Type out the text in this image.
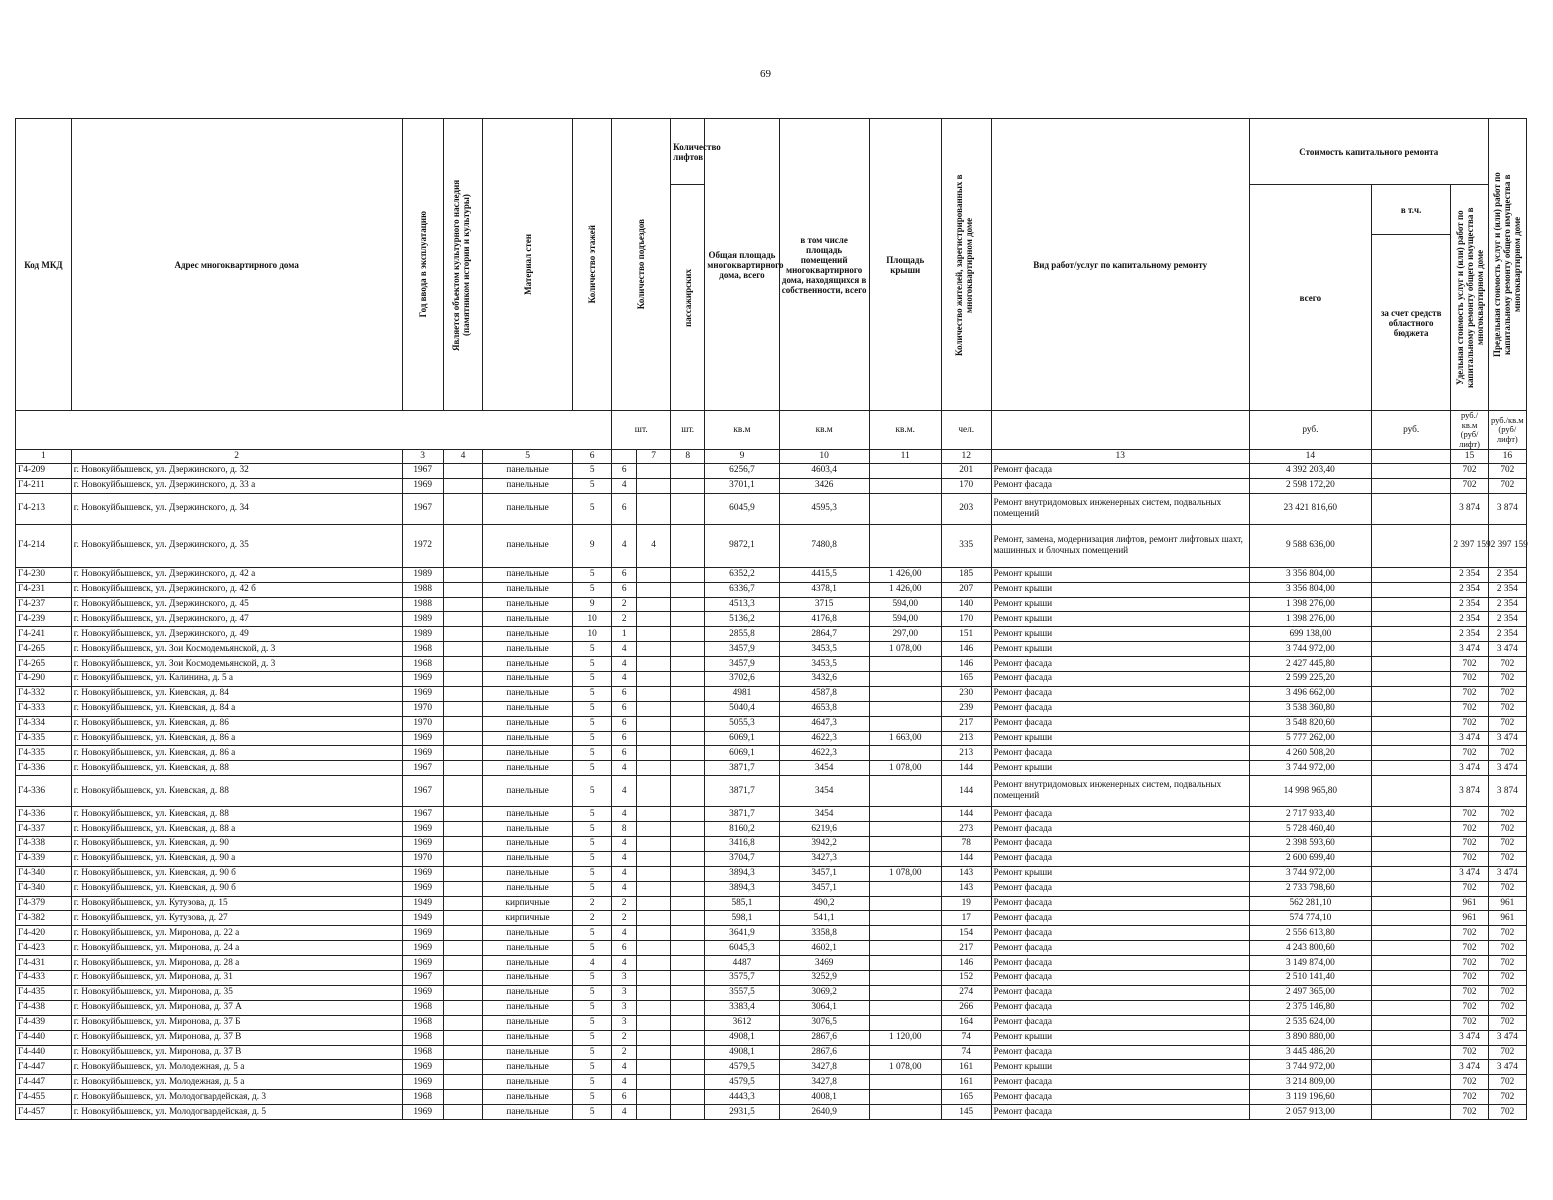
69
Код МКД	Адрес многоквартирного дома	Год ввода в эксплуатацию	Является объектом культурного наследия (памятником истории и культуры)	Материал стен	Количество этажей	Количество подъездов		Количество лифтов	Общая площадь многоквартирного дома, всего	в том числе площадь помещений многоквартирного дома, находящихся в собственности, всего	Площадь крыши	Количество жителей, зарегистрированных в многоквартирном доме	Вид работ/услуг по капитальному ремонту	Стоимость капитального ремонта			Предельная стоимость услуг и (или) работ по капитальному ремонту общего имущества в многоквартирном доме

								пассажирских						всего	в т.ч.	Удельная стоимость услуг и (или) работ по капитальному ремонту общего имущества в многоквартирном доме	

															за счет средств областного бюджета		
						шт.		шт.	кв.м	кв.м	кв.м.	чел.		руб.	руб.	руб./кв.м (руб/лифт)	руб./кв.м (руб/лифт)
1	2	3	4	5	6		7	8	9	10	11	12	13	14		15	16
Г4-209	г. Новокуйбышевск, ул. Дзержинского, д. 32	1967		панельные	5	6			6256,7	4603,4		201	Ремонт фасада	4 392 203,40		702	702
Г4-211	г. Новокуйбышевск, ул. Дзержинского, д. 33 а	1969		панельные	5	4			3701,1	3426		170	Ремонт фасада	2 598 172,20		702	702
Г4-213	г. Новокуйбышевск, ул. Дзержинского, д. 34	1967		панельные	5	6			6045,9	4595,3		203	Ремонт внутридомовых инженерных систем, подвальных помещений	23 421 816,60		3 874	3 874
Г4-214	г. Новокуйбышевск, ул. Дзержинского, д. 35	1972		панельные	9	4	4		9872,1	7480,8		335	Ремонт, замена, модернизация лифтов, ремонт лифтовых шахт, машинных и блочных помещений	9 588 636,00		2 397 159	2 397 159
Г4-230	г. Новокуйбышевск, ул. Дзержинского, д. 42 а	1989		панельные	5	6			6352,2	4415,5	1 426,00	185	Ремонт крыши	3 356 804,00		2 354	2 354
Г4-231	г. Новокуйбышевск, ул. Дзержинского, д. 42 б	1988		панельные	5	6			6336,7	4378,1	1 426,00	207	Ремонт крыши	3 356 804,00		2 354	2 354
Г4-237	г. Новокуйбышевск, ул. Дзержинского, д. 45	1988		панельные	9	2			4513,3	3715	594,00	140	Ремонт крыши	1 398 276,00		2 354	2 354
Г4-239	г. Новокуйбышевск, ул. Дзержинского, д. 47	1989		панельные	10	2			5136,2	4176,8	594,00	170	Ремонт крыши	1 398 276,00		2 354	2 354
Г4-241	г. Новокуйбышевск, ул. Дзержинского, д. 49	1989		панельные	10	1			2855,8	2864,7	297,00	151	Ремонт крыши	699 138,00		2 354	2 354
Г4-265	г. Новокуйбышевск, ул. Зои Космодемьянской, д. 3	1968		панельные	5	4			3457,9	3453,5	1 078,00	146	Ремонт крыши	3 744 972,00		3 474	3 474
Г4-265	г. Новокуйбышевск, ул. Зои Космодемьянской, д. 3	1968		панельные	5	4			3457,9	3453,5		146	Ремонт фасада	2 427 445,80		702	702
Г4-290	г. Новокуйбышевск, ул. Калинина, д. 5 а	1969		панельные	5	4			3702,6	3432,6		165	Ремонт фасада	2 599 225,20		702	702
Г4-332	г. Новокуйбышевск, ул. Киевская, д. 84	1969		панельные	5	6			4981	4587,8		230	Ремонт фасада	3 496 662,00		702	702
Г4-333	г. Новокуйбышевск, ул. Киевская, д. 84 а	1970		панельные	5	6			5040,4	4653,8		239	Ремонт фасада	3 538 360,80		702	702
Г4-334	г. Новокуйбышевск, ул. Киевская, д. 86	1970		панельные	5	6			5055,3	4647,3		217	Ремонт фасада	3 548 820,60		702	702
Г4-335	г. Новокуйбышевск, ул. Киевская, д. 86 а	1969		панельные	5	6			6069,1	4622,3	1 663,00	213	Ремонт крыши	5 777 262,00		3 474	3 474
Г4-335	г. Новокуйбышевск, ул. Киевская, д. 86 а	1969		панельные	5	6			6069,1	4622,3		213	Ремонт фасада	4 260 508,20		702	702
Г4-336	г. Новокуйбышевск, ул. Киевская, д. 88	1967		панельные	5	4			3871,7	3454	1 078,00	144	Ремонт крыши	3 744 972,00		3 474	3 474
Г4-336	г. Новокуйбышевск, ул. Киевская, д. 88	1967		панельные	5	4			3871,7	3454		144	Ремонт внутридомовых инженерных систем, подвальных помещений	14 998 965,80		3 874	3 874
Г4-336	г. Новокуйбышевск, ул. Киевская, д. 88	1967		панельные	5	4			3871,7	3454		144	Ремонт фасада	2 717 933,40		702	702
Г4-337	г. Новокуйбышевск, ул. Киевская, д. 88 а	1969		панельные	5	8			8160,2	6219,6		273	Ремонт фасада	5 728 460,40		702	702
Г4-338	г. Новокуйбышевск, ул. Киевская, д. 90	1969		панельные	5	4			3416,8	3942,2		78	Ремонт фасада	2 398 593,60		702	702
Г4-339	г. Новокуйбышевск, ул. Киевская, д. 90 а	1970		панельные	5	4			3704,7	3427,3		144	Ремонт фасада	2 600 699,40		702	702
Г4-340	г. Новокуйбышевск, ул. Киевская, д. 90 б	1969		панельные	5	4			3894,3	3457,1	1 078,00	143	Ремонт крыши	3 744 972,00		3 474	3 474
Г4-340	г. Новокуйбышевск, ул. Киевская, д. 90 б	1969		панельные	5	4			3894,3	3457,1		143	Ремонт фасада	2 733 798,60		702	702
Г4-379	г. Новокуйбышевск, ул. Кутузова, д. 15	1949		кирпичные	2	2			585,1	490,2		19	Ремонт фасада	562 281,10		961	961
Г4-382	г. Новокуйбышевск, ул. Кутузова, д. 27	1949		кирпичные	2	2			598,1	541,1		17	Ремонт фасада	574 774,10		961	961
Г4-420	г. Новокуйбышевск, ул. Миронова, д. 22 а	1969		панельные	5	4			3641,9	3358,8		154	Ремонт фасада	2 556 613,80		702	702
Г4-423	г. Новокуйбышевск, ул. Миронова, д. 24 а	1969		панельные	5	6			6045,3	4602,1		217	Ремонт фасада	4 243 800,60		702	702
Г4-431	г. Новокуйбышевск, ул. Миронова, д. 28 а	1969		панельные	4	4			4487	3469		146	Ремонт фасада	3 149 874,00		702	702
Г4-433	г. Новокуйбышевск, ул. Миронова, д. 31	1967		панельные	5	3			3575,7	3252,9		152	Ремонт фасада	2 510 141,40		702	702
Г4-435	г. Новокуйбышевск, ул. Миронова, д. 35	1969		панельные	5	3			3557,5	3069,2		274	Ремонт фасада	2 497 365,00		702	702
Г4-438	г. Новокуйбышевск, ул. Миронова, д. 37 А	1968		панельные	5	3			3383,4	3064,1		266	Ремонт фасада	2 375 146,80		702	702
Г4-439	г. Новокуйбышевск, ул. Миронова, д. 37 Б	1968		панельные	5	3			3612	3076,5		164	Ремонт фасада	2 535 624,00		702	702
Г4-440	г. Новокуйбышевск, ул. Миронова, д. 37 В	1968		панельные	5	2			4908,1	2867,6	1 120,00	74	Ремонт крыши	3 890 880,00		3 474	3 474
Г4-440	г. Новокуйбышевск, ул. Миронова, д. 37 В	1968		панельные	5	2			4908,1	2867,6		74	Ремонт фасада	3 445 486,20		702	702
Г4-447	г. Новокуйбышевск, ул. Молодежная, д. 5 а	1969		панельные	5	4			4579,5	3427,8	1 078,00	161	Ремонт крыши	3 744 972,00		3 474	3 474
Г4-447	г. Новокуйбышевск, ул. Молодежная, д. 5 а	1969		панельные	5	4			4579,5	3427,8		161	Ремонт фасада	3 214 809,00		702	702
Г4-455	г. Новокуйбышевск, ул. Молодогвардейская, д. 3	1968		панельные	5	6			4443,3	4008,1		165	Ремонт фасада	3 119 196,60		702	702
Г4-457	г. Новокуйбышевск, ул. Молодогвардейская, д. 5	1969		панельные	5	4			2931,5	2640,9		145	Ремонт фасада	2 057 913,00		702	702
